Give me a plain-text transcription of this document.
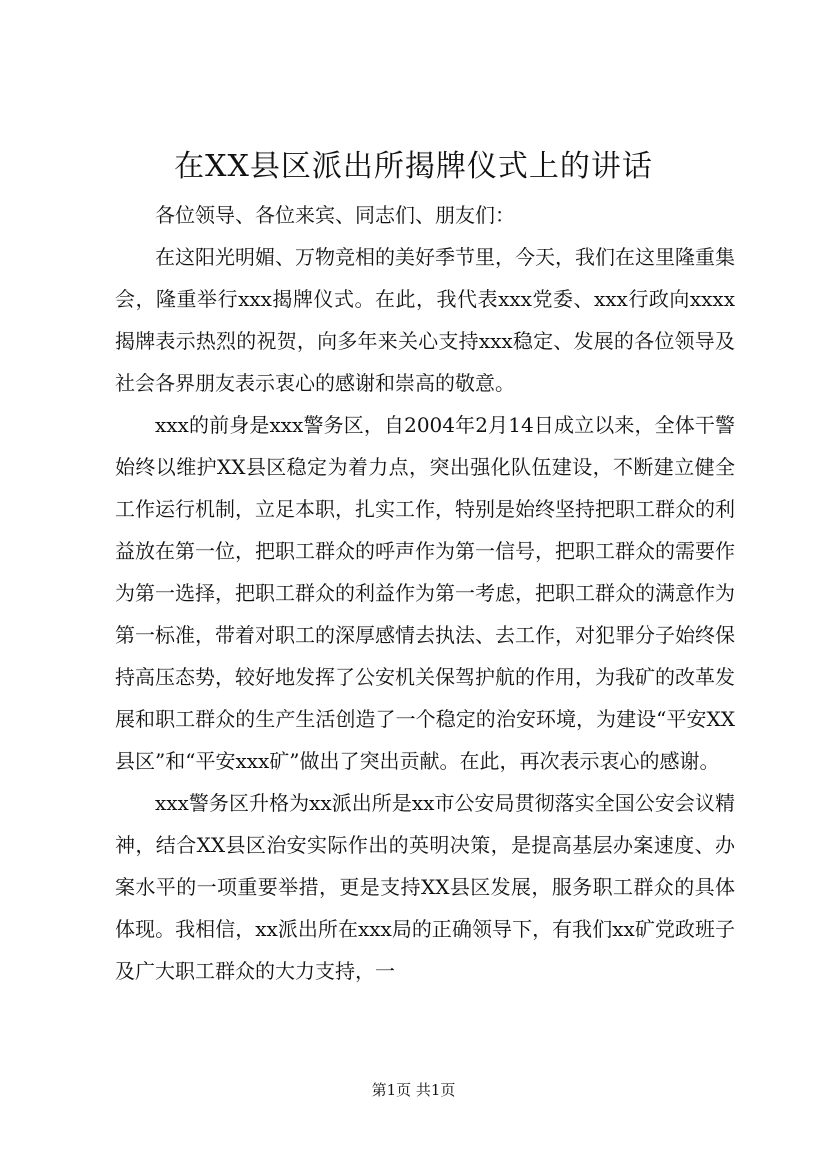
在XX县区派出所揭牌仪式上的讲话

各位领导、各位来宾、同志们、朋友们：

在这阳光明媚、万物竞相的美好季节里，今天，我们在这里隆重集会，隆重举行xxx揭牌仪式。在此，我代表xxx党委、xxx行政向xxxx揭牌表示热烈的祝贺，向多年来关心支持xxx稳定、发展的各位领导及社会各界朋友表示衷心的感谢和崇高的敬意。

xxx的前身是xxx警务区，自2004年2月14日成立以来，全体干警始终以维护XX县区稳定为着力点，突出强化队伍建设，不断建立健全工作运行机制，立足本职，扎实工作，特别是始终坚持把职工群众的利益放在第一位，把职工群众的呼声作为第一信号，把职工群众的需要作为第一选择，把职工群众的利益作为第一考虑，把职工群众的满意作为第一标准，带着对职工的深厚感情去执法、去工作，对犯罪分子始终保持高压态势，较好地发挥了公安机关保驾护航的作用，为我矿的改革发展和职工群众的生产生活创造了一个稳定的治安环境，为建设“平安XX县区”和“平安xxx矿”做出了突出贡献。在此，再次表示衷心的感谢。

xxx警务区升格为xx派出所是xx市公安局贯彻落实全国公安会议精神，结合XX县区治安实际作出的英明决策，是提高基层办案速度、办案水平的一项重要举措，更是支持XX县区发展，服务职工群众的具体体现。我相信，xx派出所在xxx局的正确领导下，有我们xx矿党政班子及广大职工群众的大力支持，一

第1页 共1页
